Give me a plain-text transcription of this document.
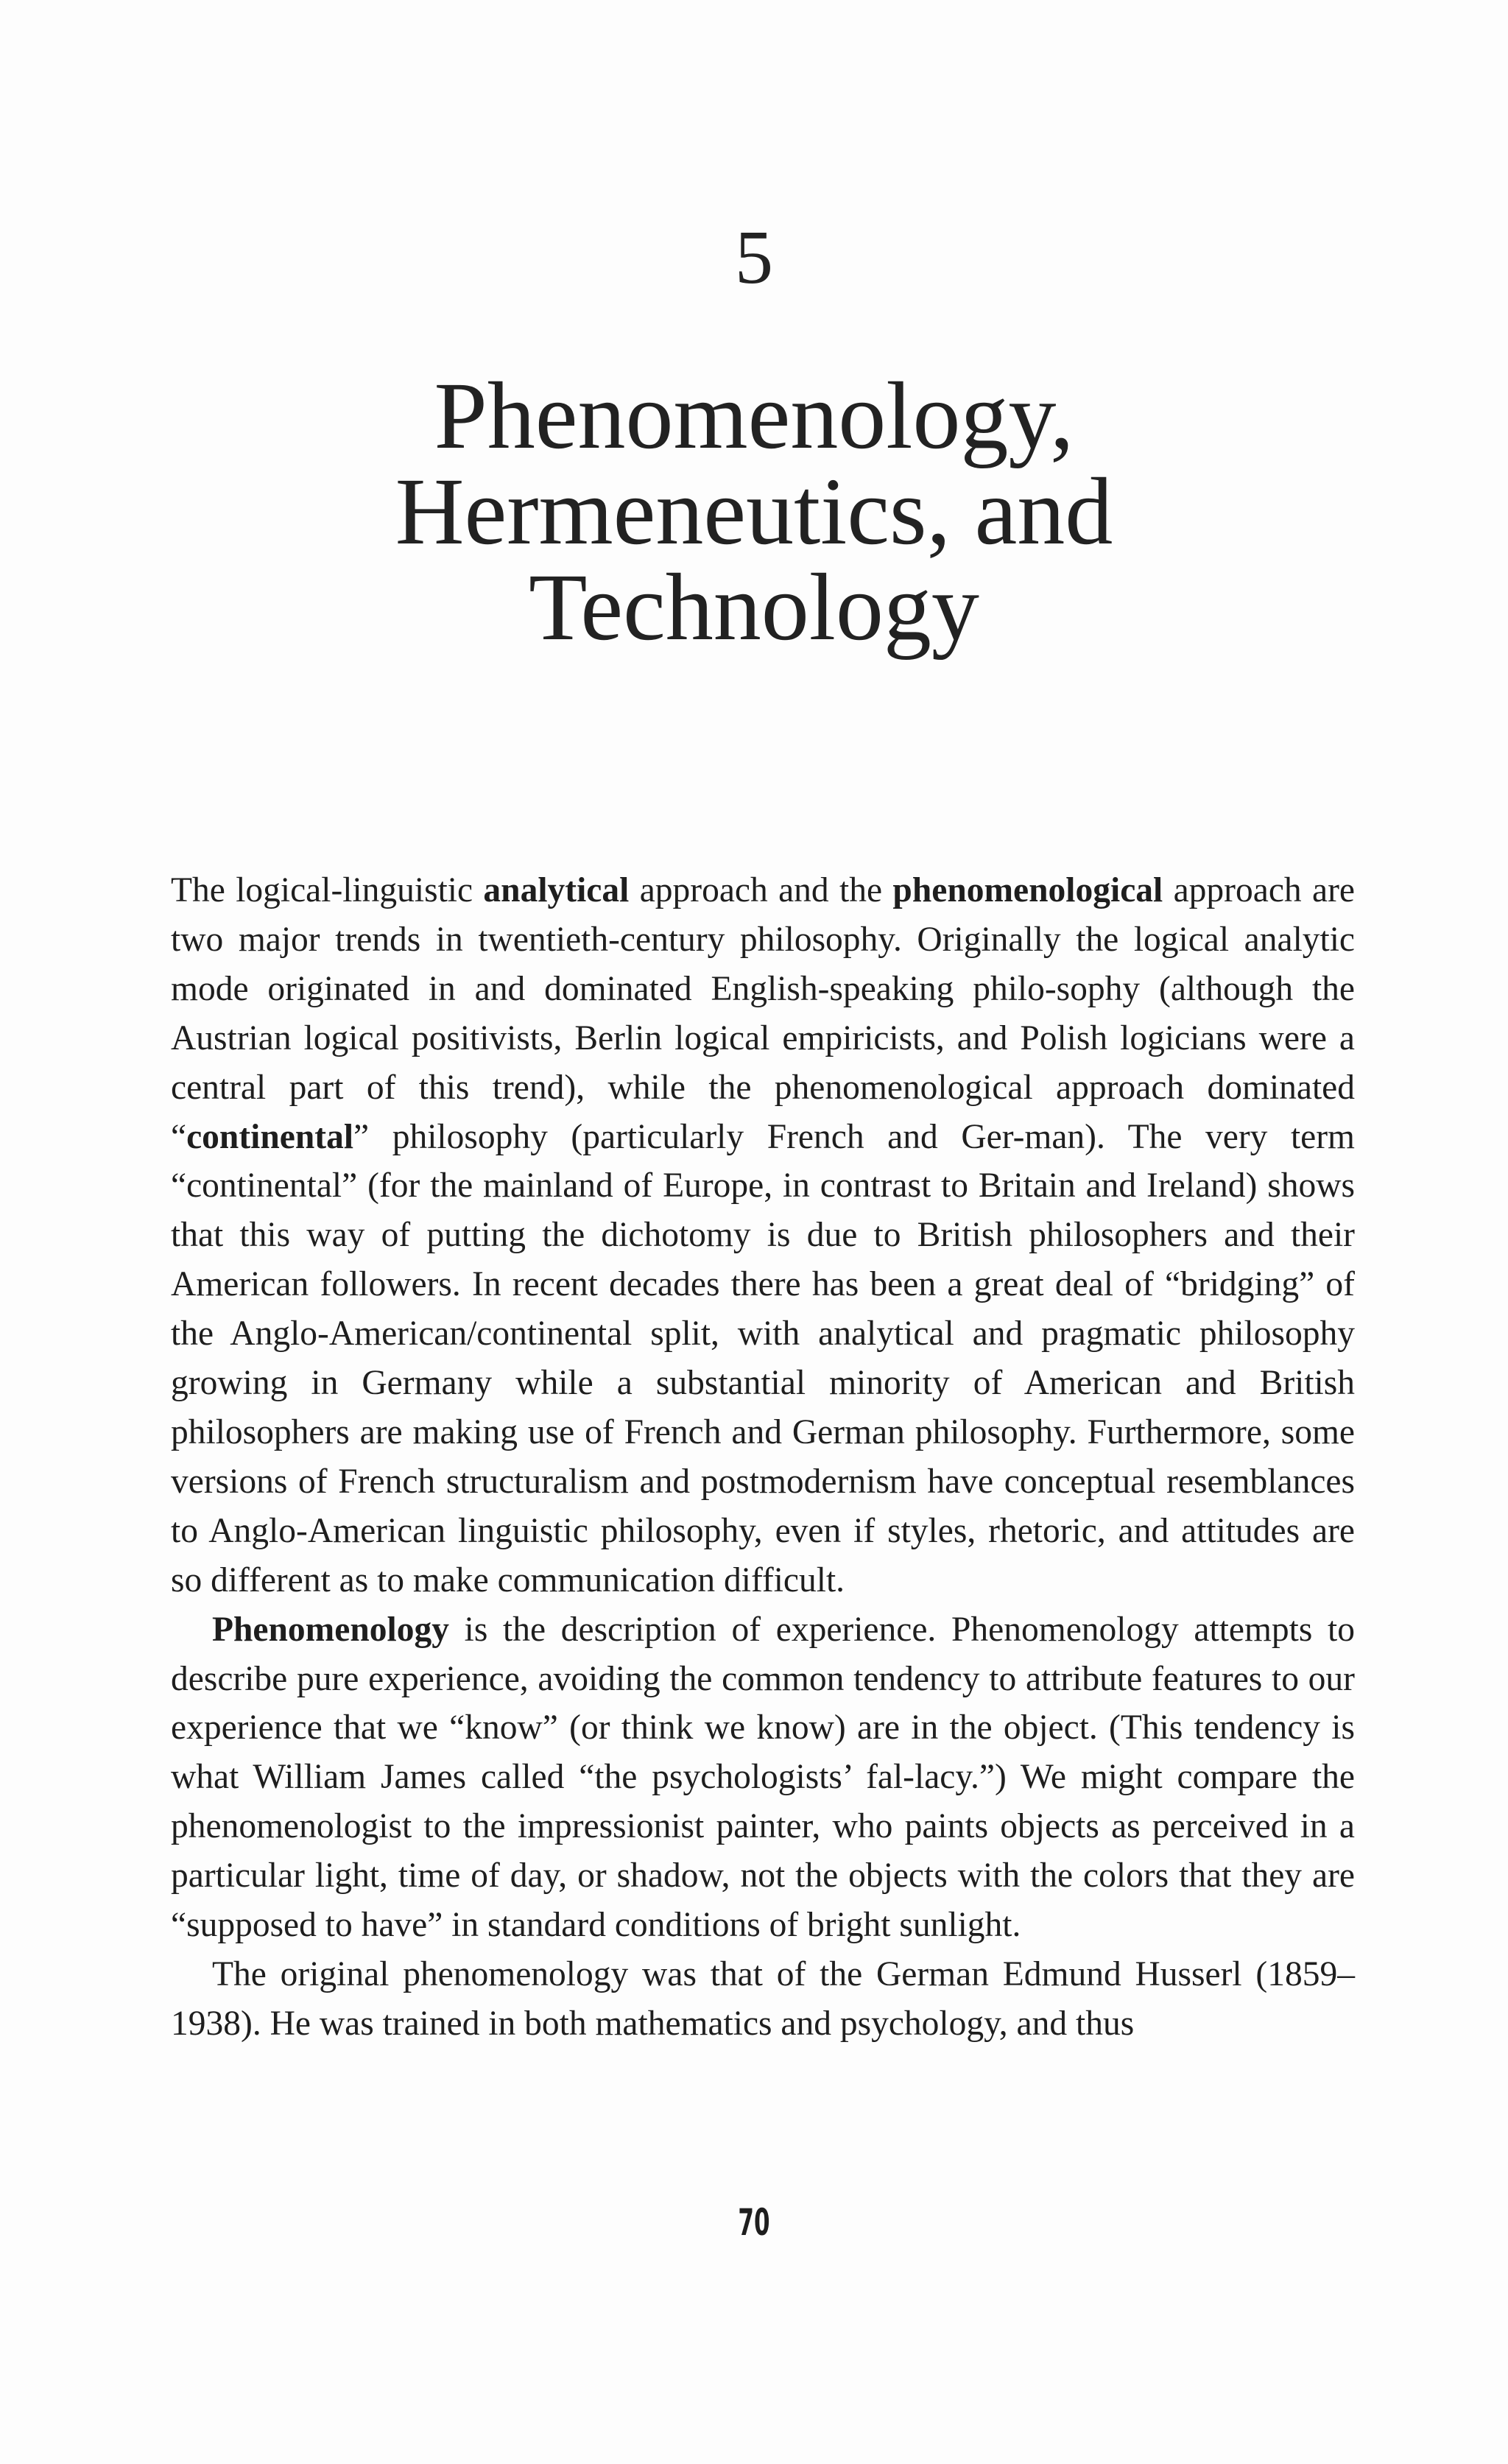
5
Phenomenology,
Hermeneutics, and
Technology

The logical-linguistic analytical approach and the phenomenological approach are two major trends in twentieth-century philosophy. Originally the logical analytic mode originated in and dominated English-speaking philo-sophy (although the Austrian logical positivists, Berlin logical empiricists, and Polish logicians were a central part of this trend), while the phenomenological approach dominated “continental” philosophy (particularly French and Ger-man). The very term “continental” (for the mainland of Europe, in contrast to Britain and Ireland) shows that this way of putting the dichotomy is due to British philosophers and their American followers. In recent decades there has been a great deal of “bridging” of the Anglo-American/continental split, with analytical and pragmatic philosophy growing in Germany while a substantial minority of American and British philosophers are making use of French and German philosophy. Furthermore, some versions of French structuralism and postmodernism have conceptual resemblances to Anglo-American linguistic philosophy, even if styles, rhetoric, and attitudes are so different as to make communication difficult.

Phenomenology is the description of experience. Phenomenology attempts to describe pure experience, avoiding the common tendency to attribute features to our experience that we “know” (or think we know) are in the object. (This tendency is what William James called “the psychologists’ fal-lacy.”) We might compare the phenomenologist to the impressionist painter, who paints objects as perceived in a particular light, time of day, or shadow, not the objects with the colors that they are “supposed to have” in standard conditions of bright sunlight.

The original phenomenology was that of the German Edmund Husserl (1859–1938). He was trained in both mathematics and psychology, and thus

70
